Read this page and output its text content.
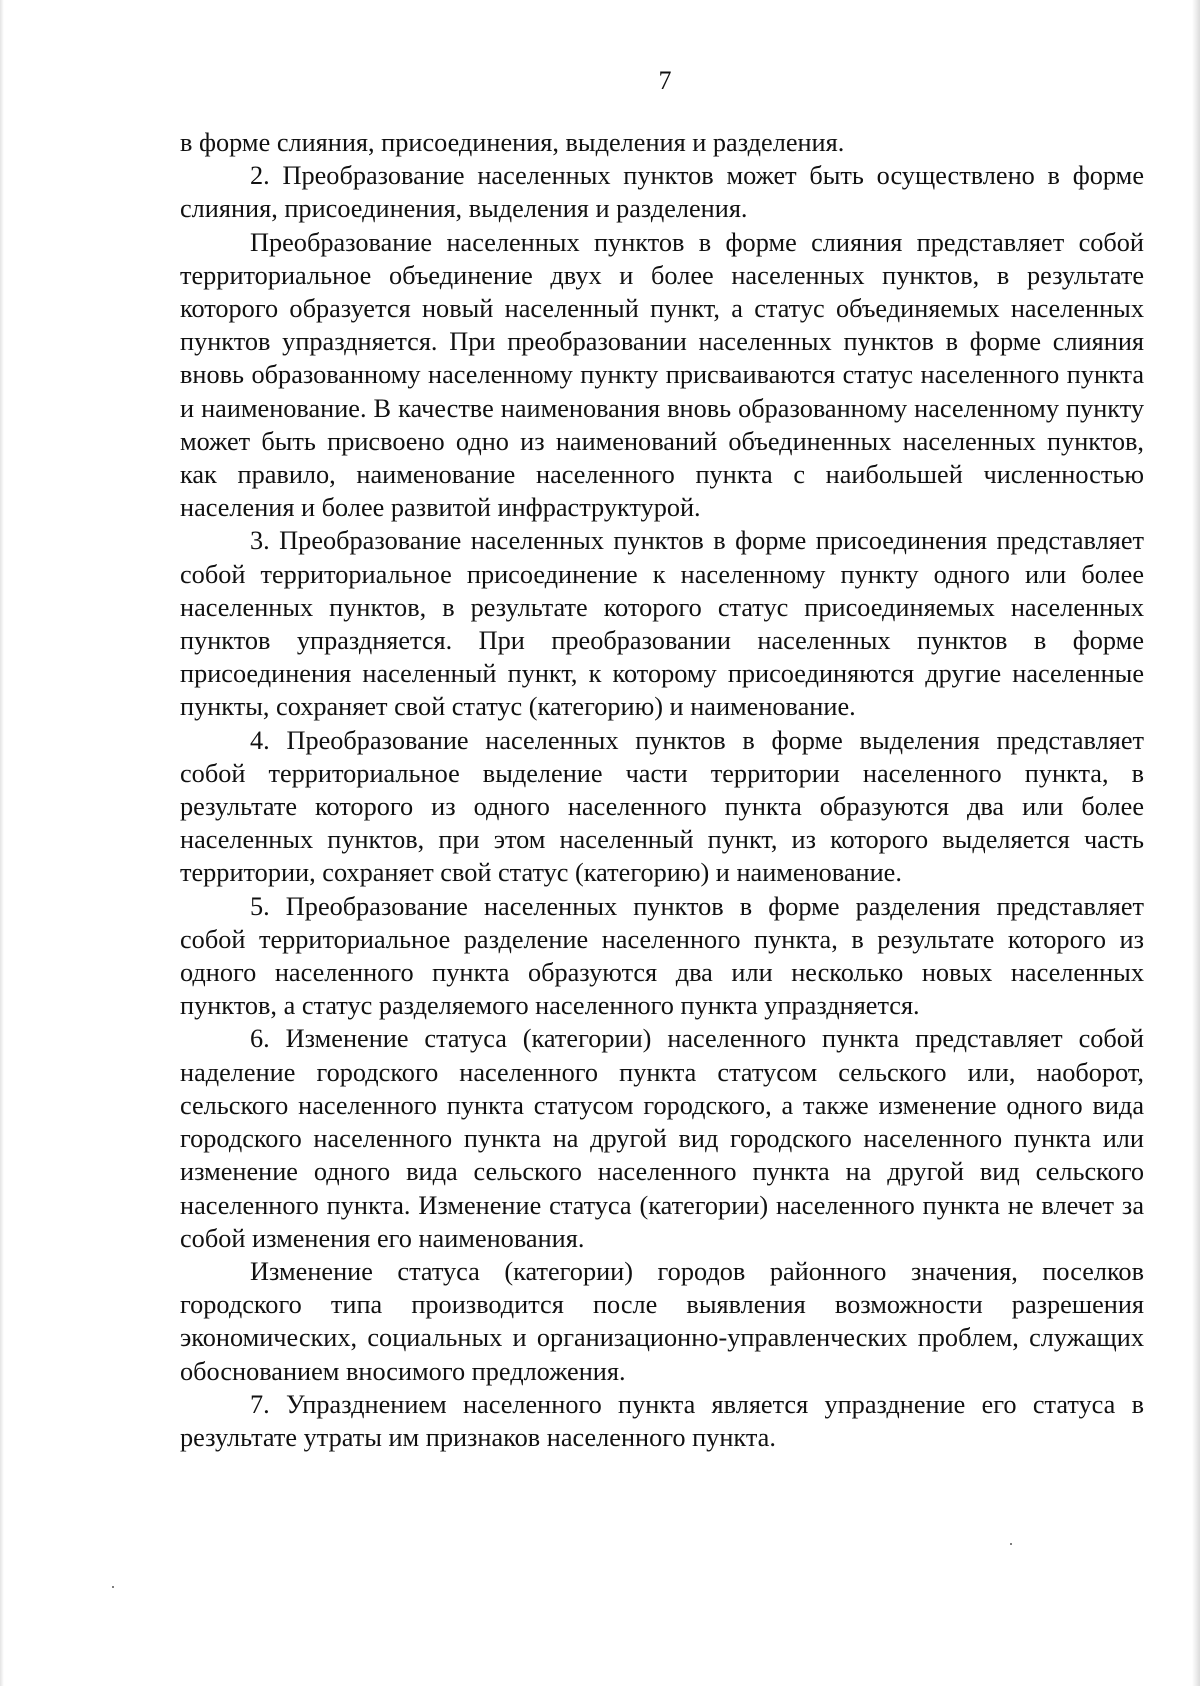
7

в форме слияния, присоединения, выделения и разделения.

2. Преобразование населенных пунктов может быть осуществлено в форме слияния, присоединения, выделения и разделения.

Преобразование населенных пунктов в форме слияния представляет собой территориальное объединение двух и более населенных пунктов, в результате которого образуется новый населенный пункт, а статус объединяемых населенных пунктов упраздняется. При преобразовании населенных пунктов в форме слияния вновь образованному населенному пункту присваиваются статус населенного пункта и наименование. В качестве наименования вновь образованному населенному пункту может быть присвоено одно из наименований объединенных населенных пунктов, как правило, наименование населенного пункта с наибольшей численностью населения и более развитой инфраструктурой.

3. Преобразование населенных пунктов в форме присоединения представляет собой территориальное присоединение к населенному пункту одного или более населенных пунктов, в результате которого статус присоединяемых населенных пунктов упраздняется. При преобразовании населенных пунктов в форме присоединения населенный пункт, к которому присоединяются другие населенные пункты, сохраняет свой статус (категорию) и наименование.

4. Преобразование населенных пунктов в форме выделения представляет собой территориальное выделение части территории населенного пункта, в результате которого из одного населенного пункта образуются два или более населенных пунктов, при этом населенный пункт, из которого выделяется часть территории, сохраняет свой статус (категорию) и наименование.

5. Преобразование населенных пунктов в форме разделения представляет собой территориальное разделение населенного пункта, в результате которого из одного населенного пункта образуются два или несколько новых населенных пунктов, а статус разделяемого населенного пункта упраздняется.

6. Изменение статуса (категории) населенного пункта представляет собой наделение городского населенного пункта статусом сельского или, наоборот, сельского населенного пункта статусом городского, а также изменение одного вида городского населенного пункта на другой вид городского населенного пункта или изменение одного вида сельского населенного пункта на другой вид сельского населенного пункта. Изменение статуса (категории) населенного пункта не влечет за собой изменения его наименования.

Изменение статуса (категории) городов районного значения, поселков городского типа производится после выявления возможности разрешения экономических, социальных и организационно-управленческих проблем, служащих обоснованием вносимого предложения.

7. Упразднением населенного пункта является упразднение его статуса в результате утраты им признаков населенного пункта.
